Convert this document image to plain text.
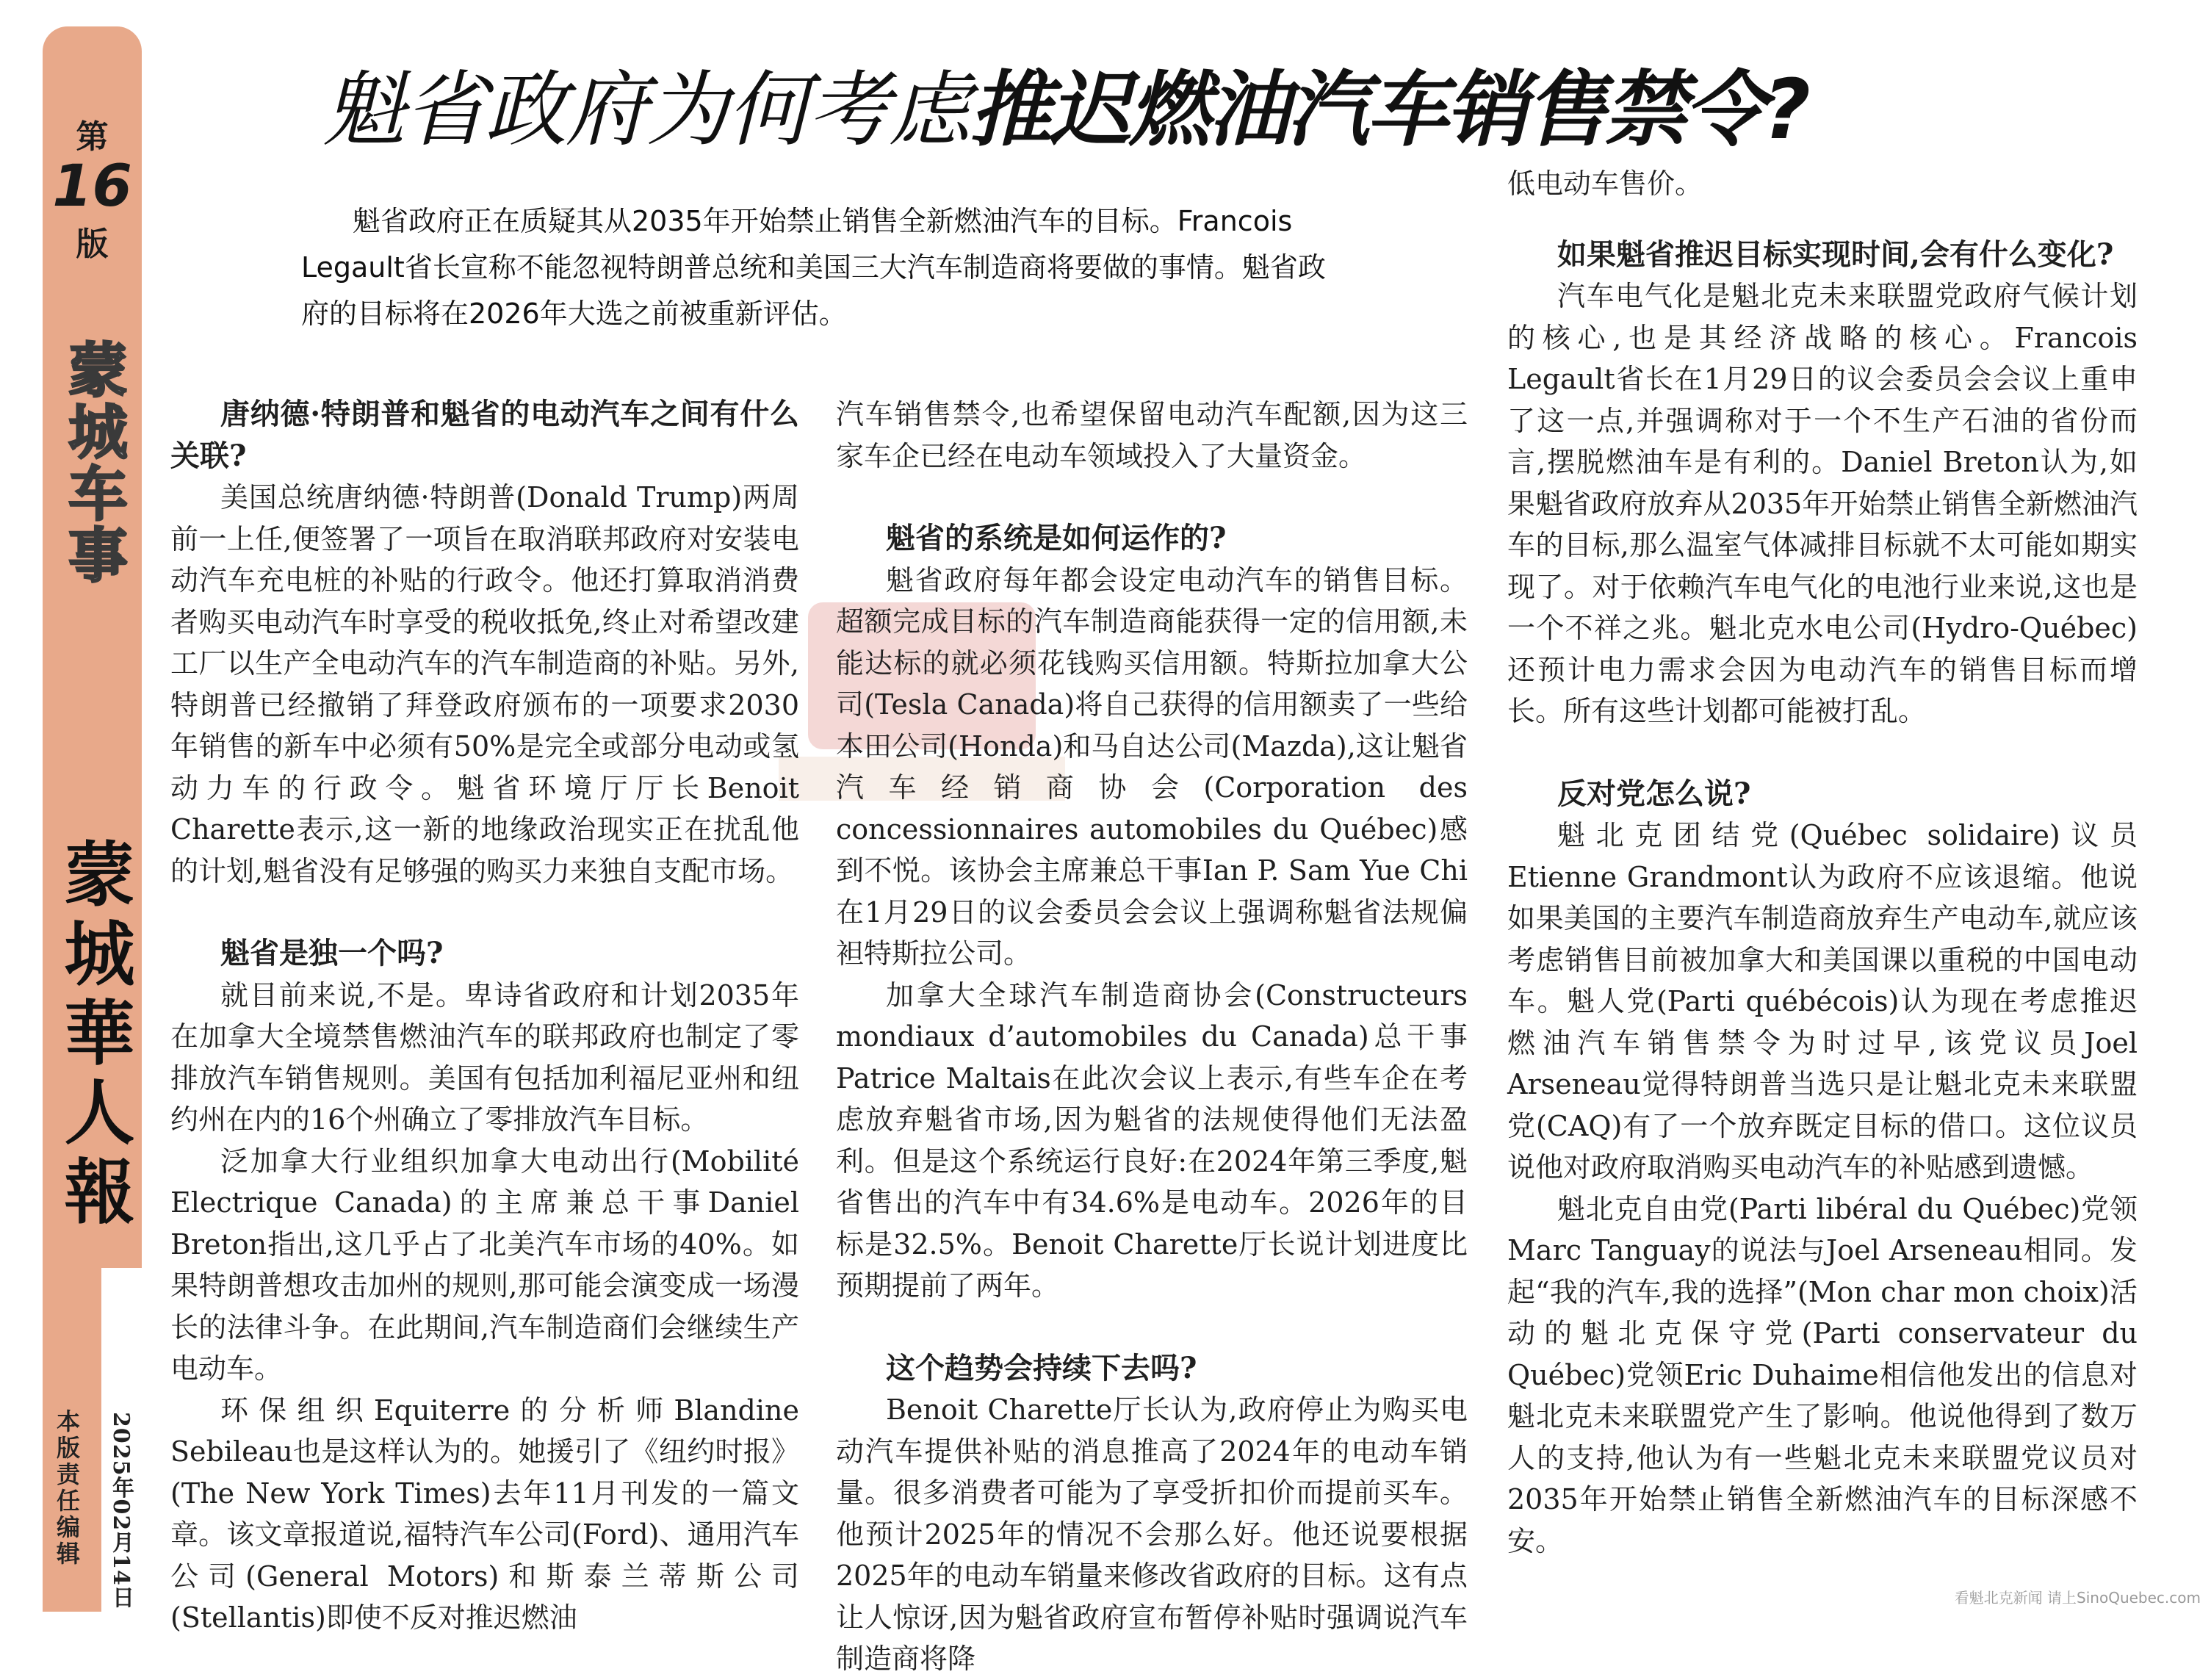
第
16
版
蒙城车事
蒙城華人報
本版责任编辑 2025年02月14日
魁省政府为何考虑推迟燃油汽车销售禁令?
魁省政府正在质疑其从2035年开始禁止销售全新燃油汽车的目标。Francois Legault省长宣称不能忽视特朗普总统和美国三大汽车制造商将要做的事情。魁省政府的目标将在2026年大选之前被重新评估。
唐纳德·特朗普和魁省的电动汽车之间有什么关联?

美国总统唐纳德·特朗普(Donald Trump)两周前一上任,便签署了一项旨在取消联邦政府对安装电动汽车充电桩的补贴的行政令。他还打算取消消费者购买电动汽车时享受的税收抵免,终止对希望改建工厂以生产全电动汽车的汽车制造商的补贴。另外,特朗普已经撤销了拜登政府颁布的一项要求2030年销售的新车中必须有50%是完全或部分电动或氢动力车的行政令。魁省环境厅厅长Benoit Charette表示,这一新的地缘政治现实正在扰乱他的计划,魁省没有足够强的购买力来独自支配市场。

魁省是独一个吗?

就目前来说,不是。卑诗省政府和计划2035年在加拿大全境禁售燃油汽车的联邦政府也制定了零排放汽车销售规则。美国有包括加利福尼亚州和纽约州在内的16个州确立了零排放汽车目标。

泛加拿大行业组织加拿大电动出行(Mobilité Electrique Canada)的主席兼总干事Daniel Breton指出,这几乎占了北美汽车市场的40%。如果特朗普想攻击加州的规则,那可能会演变成一场漫长的法律斗争。在此期间,汽车制造商们会继续生产电动车。

环保组织Equiterre的分析师Blandine Sebileau也是这样认为的。她援引了《纽约时报》(The New York Times)去年11月刊发的一篇文章。该文章报道说,福特汽车公司(Ford)、通用汽车公司(General Motors)和斯泰兰蒂斯公司(Stellantis)即使不反对推迟燃油

汽车销售禁令,也希望保留电动汽车配额,因为这三家车企已经在电动车领域投入了大量资金。

魁省的系统是如何运作的?

魁省政府每年都会设定电动汽车的销售目标。超额完成目标的汽车制造商能获得一定的信用额,未能达标的就必须花钱购买信用额。特斯拉加拿大公司(Tesla Canada)将自己获得的信用额卖了一些给本田公司(Honda)和马自达公司(Mazda),这让魁省汽车经销商协会(Corporation des concessionnaires automobiles du Québec)感到不悦。该协会主席兼总干事Ian P. Sam Yue Chi在1月29日的议会委员会会议上强调称魁省法规偏袒特斯拉公司。

加拿大全球汽车制造商协会(Constructeurs mondiaux d’automobiles du Canada)总干事Patrice Maltais在此次会议上表示,有些车企在考虑放弃魁省市场,因为魁省的法规使得他们无法盈利。但是这个系统运行良好:在2024年第三季度,魁省售出的汽车中有34.6%是电动车。2026年的目标是32.5%。Benoit Charette厅长说计划进度比预期提前了两年。

这个趋势会持续下去吗?

Benoit Charette厅长认为,政府停止为购买电动汽车提供补贴的消息推高了2024年的电动车销量。很多消费者可能为了享受折扣价而提前买车。他预计2025年的情况不会那么好。他还说要根据2025年的电动车销量来修改省政府的目标。这有点让人惊讶,因为魁省政府宣布暂停补贴时强调说汽车制造商将降

低电动车售价。

如果魁省推迟目标实现时间,会有什么变化?

汽车电气化是魁北克未来联盟党政府气候计划的核心,也是其经济战略的核心。Francois Legault省长在1月29日的议会委员会会议上重申了这一点,并强调称对于一个不生产石油的省份而言,摆脱燃油车是有利的。Daniel Breton认为,如果魁省政府放弃从2035年开始禁止销售全新燃油汽车的目标,那么温室气体减排目标就不太可能如期实现了。对于依赖汽车电气化的电池行业来说,这也是一个不祥之兆。魁北克水电公司(Hydro-Québec)还预计电力需求会因为电动汽车的销售目标而增长。所有这些计划都可能被打乱。

反对党怎么说?

魁北克团结党(Québec solidaire)议员Etienne Grandmont认为政府不应该退缩。他说如果美国的主要汽车制造商放弃生产电动车,就应该考虑销售目前被加拿大和美国课以重税的中国电动车。魁人党(Parti québécois)认为现在考虑推迟燃油汽车销售禁令为时过早,该党议员Joel Arseneau觉得特朗普当选只是让魁北克未来联盟党(CAQ)有了一个放弃既定目标的借口。这位议员说他对政府取消购买电动汽车的补贴感到遗憾。

魁北克自由党(Parti libéral du Québec)党领Marc Tanguay的说法与Joel Arseneau相同。发起“我的汽车,我的选择”(Mon char mon choix)活动的魁北克保守党(Parti conservateur du Québec)党领Eric Duhaime相信他发出的信息对魁北克未来联盟党产生了影响。他说他得到了数万人的支持,他认为有一些魁北克未来联盟党议员对2035年开始禁止销售全新燃油汽车的目标深感不安。

看魁北克新闻 请上SinoQuebec.com
